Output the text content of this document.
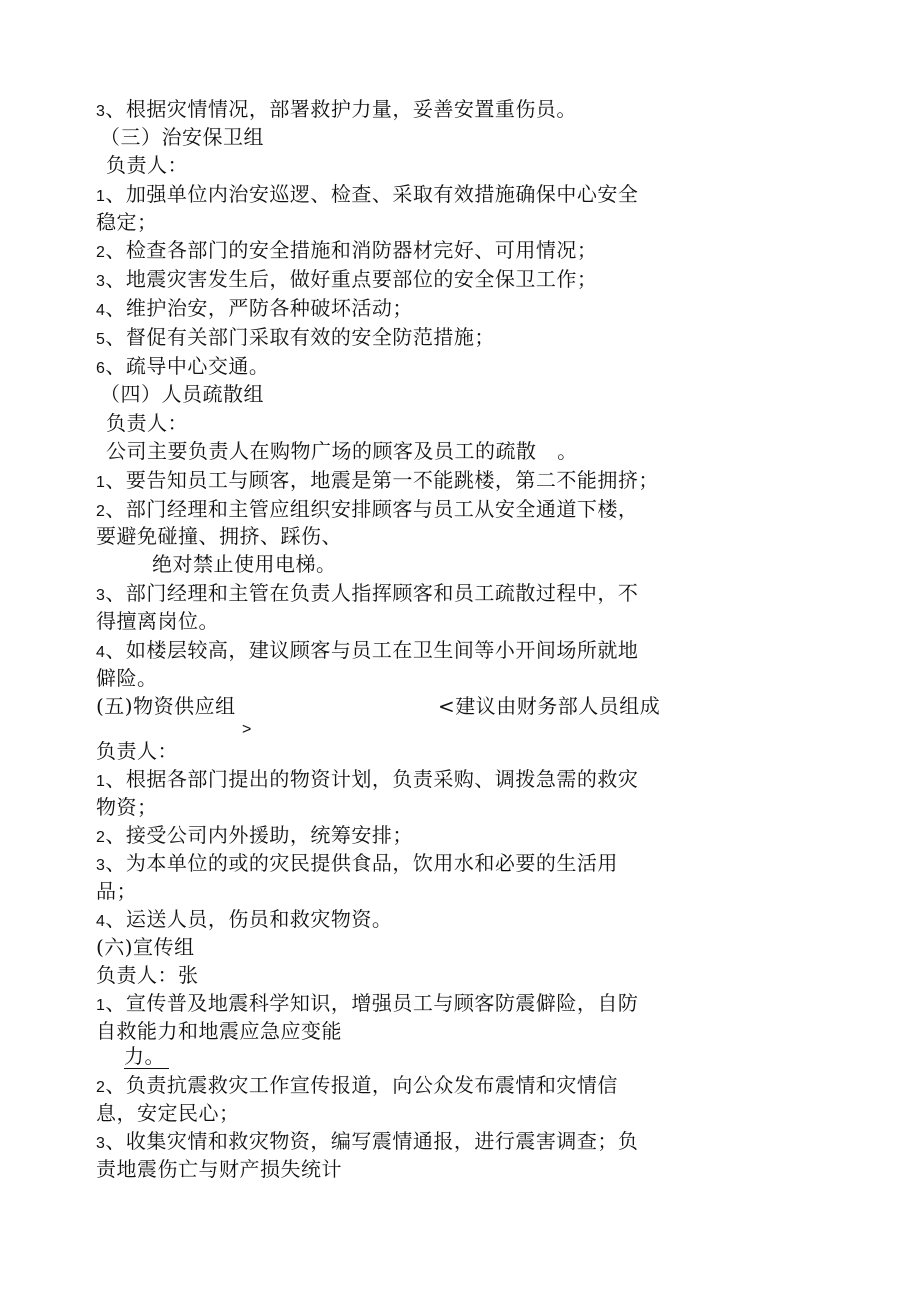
3、根据灾情情况，部署救护力量，妥善安置重伤员。
（三）治安保卫组
负责人：
1、加强单位内治安巡逻、检查、采取有效措施确保中心安全
稳定；
2、检查各部门的安全措施和消防器材完好、可用情况；
3、地震灾害发生后，做好重点要部位的安全保卫工作；
4、维护治安，严防各种破坏活动；
5、督促有关部门采取有效的安全防范措施；
6、疏导中心交通。
（四）人员疏散组
负责人：
公司主要负责人在购物广场的顾客及员工的疏散   。
1、要告知员工与顾客，地震是第一不能跳楼，第二不能拥挤；
2、部门经理和主管应组织安排顾客与员工从安全通道下楼，
要避免碰撞、拥挤、踩伤、
绝对禁止使用电梯。
3、部门经理和主管在负责人指挥顾客和员工疏散过程中，不
得擅离岗位。
4、如楼层较高，建议顾客与员工在卫生间等小开间场所就地
僻险。
(五)物资供应组	<建议由财务部人员组成
>
负责人：
1、根据各部门提出的物资计划，负责采购、调拨急需的救灾
物资；
2、接受公司内外援助，统筹安排；
3、为本单位的或的灾民提供食品，饮用水和必要的生活用
品；
4、运送人员，伤员和救灾物资。
(六)宣传组
负责人：张
1、宣传普及地震科学知识，增强员工与顾客防震僻险，自防
自救能力和地震应急应变能
力。
2、负责抗震救灾工作宣传报道，向公众发布震情和灾情信
息，安定民心；
3、收集灾情和救灾物资，编写震情通报，进行震害调查；负
责地震伤亡与财产损失统计
